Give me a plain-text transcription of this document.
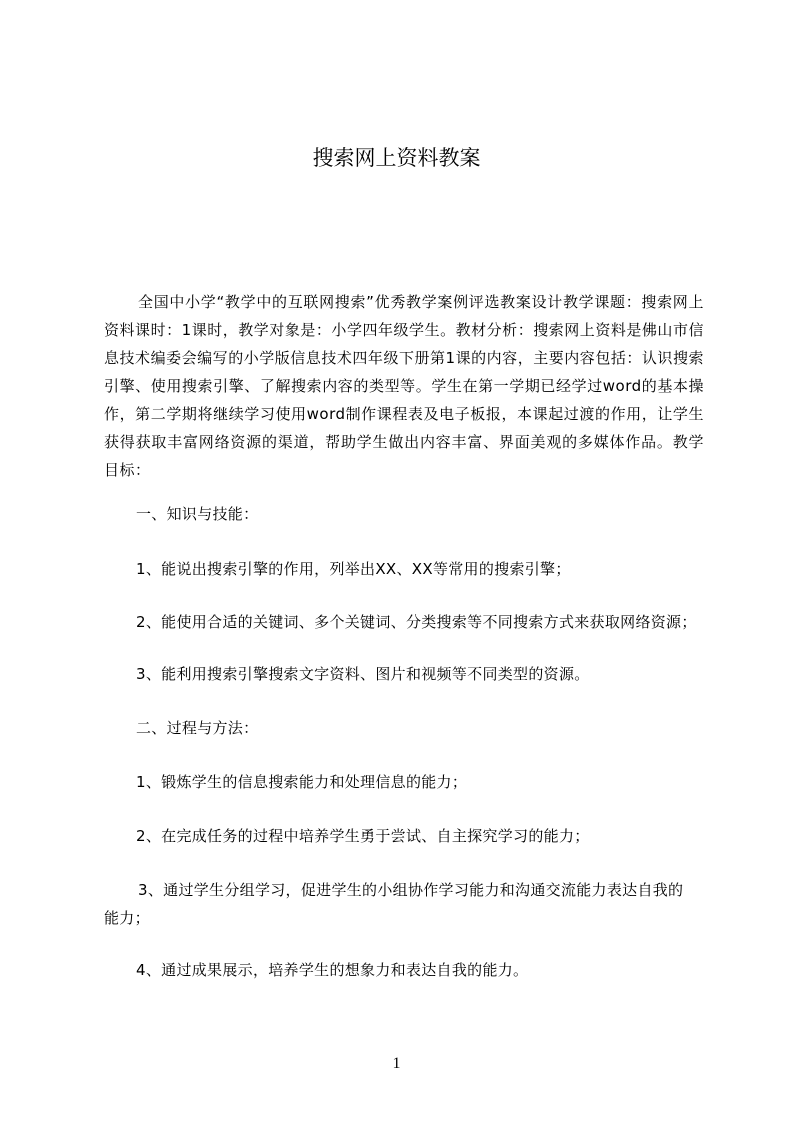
搜索网上资料教案

全国中小学“教学中的互联网搜索”优秀教学案例评选教案设计教学课题：搜索网上资料课时：1课时，教学对象是：小学四年级学生。教材分析：搜索网上资料是佛山市信息技术编委会编写的小学版信息技术四年级下册第1课的内容，主要内容包括：认识搜索引擎、使用搜索引擎、了解搜索内容的类型等。学生在第一学期已经学过word的基本操作，第二学期将继续学习使用word制作课程表及电子板报，本课起过渡的作用，让学生获得获取丰富网络资源的渠道，帮助学生做出内容丰富、界面美观的多媒体作品。教学目标：

一、知识与技能：

1、能说出搜索引擎的作用，列举出XX、XX等常用的搜索引擎；

2、能使用合适的关键词、多个关键词、分类搜索等不同搜索方式来获取网络资源；

3、能利用搜索引擎搜索文字资料、图片和视频等不同类型的资源。

二、过程与方法：

1、锻炼学生的信息搜索能力和处理信息的能力；

2、在完成任务的过程中培养学生勇于尝试、自主探究学习的能力；

3、通过学生分组学习，促进学生的小组协作学习能力和沟通交流能力表达自我的
能力；

4、通过成果展示，培养学生的想象力和表达自我的能力。

1
